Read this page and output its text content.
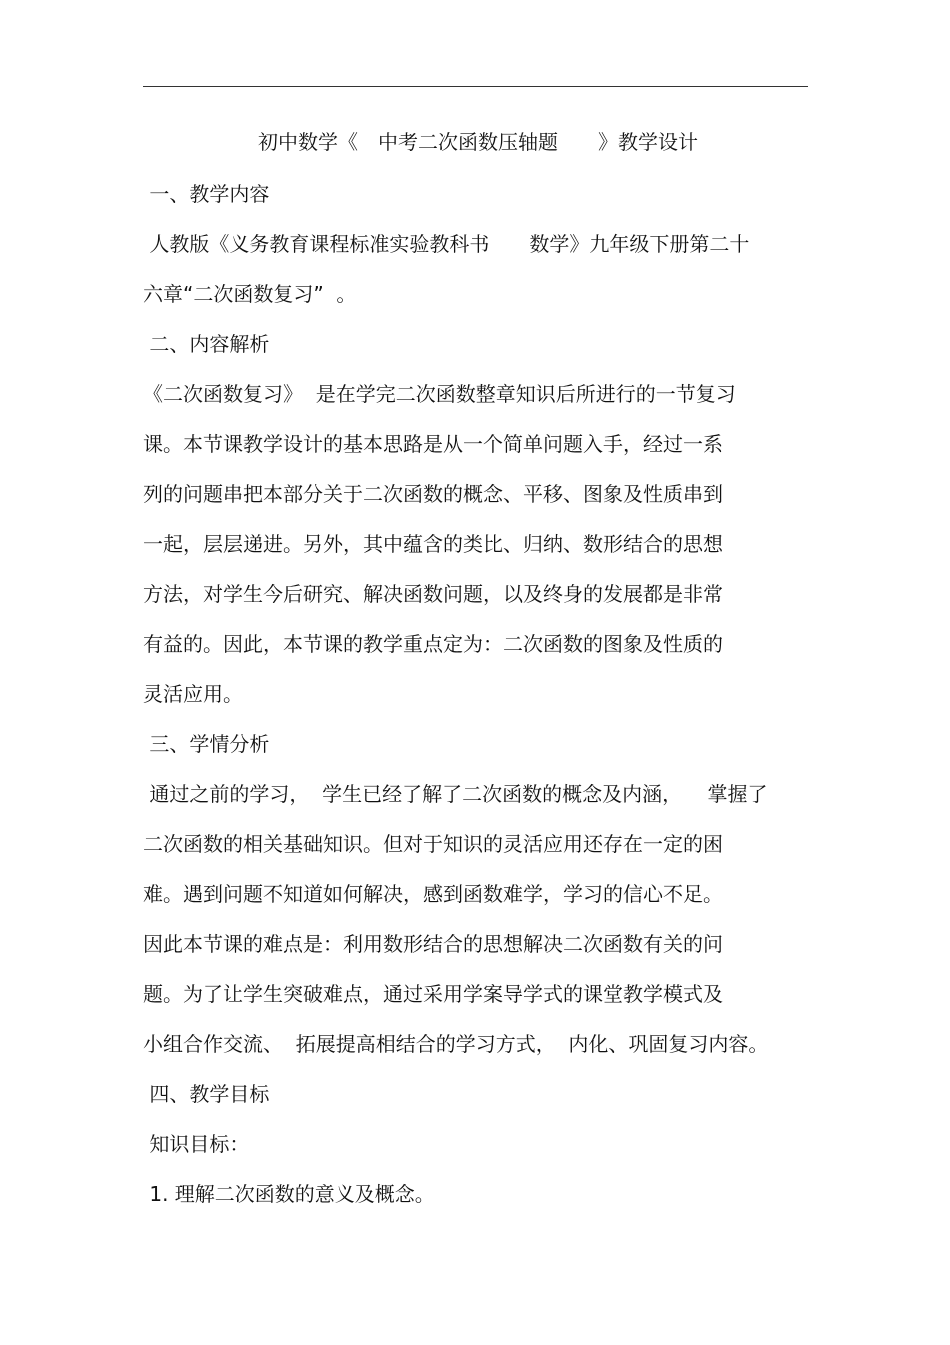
初中数学《　中考二次函数压轴题　　》教学设计

一、教学内容

人教版《义务教育课程标准实验教科书　　数学》九年级下册第二十

六章“二次函数复习”  。

二、内容解析

《二次函数复习》  是在学完二次函数整章知识后所进行的一节复习

课。本节课教学设计的基本思路是从一个简单问题入手，经过一系

列的问题串把本部分关于二次函数的概念、平移、图象及性质串到

一起，层层递进。另外，其中蕴含的类比、归纳、数形结合的思想

方法，对学生今后研究、解决函数问题，以及终身的发展都是非常

有益的。因此，本节课的教学重点定为：二次函数的图象及性质的

灵活应用。

三、学情分析

通过之前的学习，  学生已经了解了二次函数的概念及内涵，    掌握了

二次函数的相关基础知识。但对于知识的灵活应用还存在一定的困

难。遇到问题不知道如何解决，感到函数难学，学习的信心不足。

因此本节课的难点是：利用数形结合的思想解决二次函数有关的问

题。为了让学生突破难点，通过采用学案导学式的课堂教学模式及

小组合作交流、  拓展提高相结合的学习方式，  内化、巩固复习内容。

四、教学目标

知识目标：

1. 理解二次函数的意义及概念。
